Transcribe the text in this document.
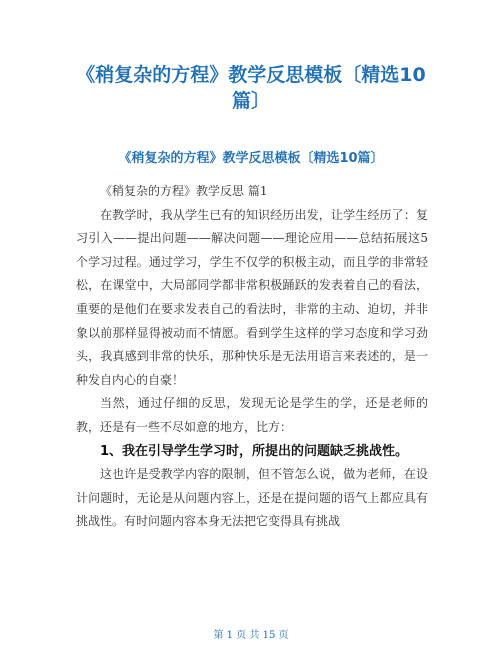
《稍复杂的方程》教学反思模板〔精选10
篇〕
《稍复杂的方程》教学反思模板〔精选10篇〕

《稍复杂的方程》教学反思 篇1

在教学时，我从学生已有的知识经历出发，让学生经历了：复习引入——提出问题——解决问题——理论应用——总结拓展这5个学习过程。通过学习，学生不仅学的积极主动，而且学的非常轻松，在课堂中，大局部同学都非常积极踊跃的发表着自己的看法，重要的是他们在要求发表自己的看法时，非常的主动、迫切，并非象以前那样显得被动而不情愿。看到学生这样的学习态度和学习劲头，我真感到非常的快乐，那种快乐是无法用语言来表述的，是一种发自内心的自豪！

当然，通过仔细的反思，发现无论是学生的学，还是老师的教，还是有一些不尽如意的地方，比方：

1、我在引导学生学习时，所提出的问题缺乏挑战性。

这也许是受教学内容的限制，但不管怎么说，做为老师，在设计问题时，无论是从问题内容上，还是在提问题的语气上都应具有挑战性。有时问题内容本身无法把它变得具有挑战

第 1 页 共 15 页
